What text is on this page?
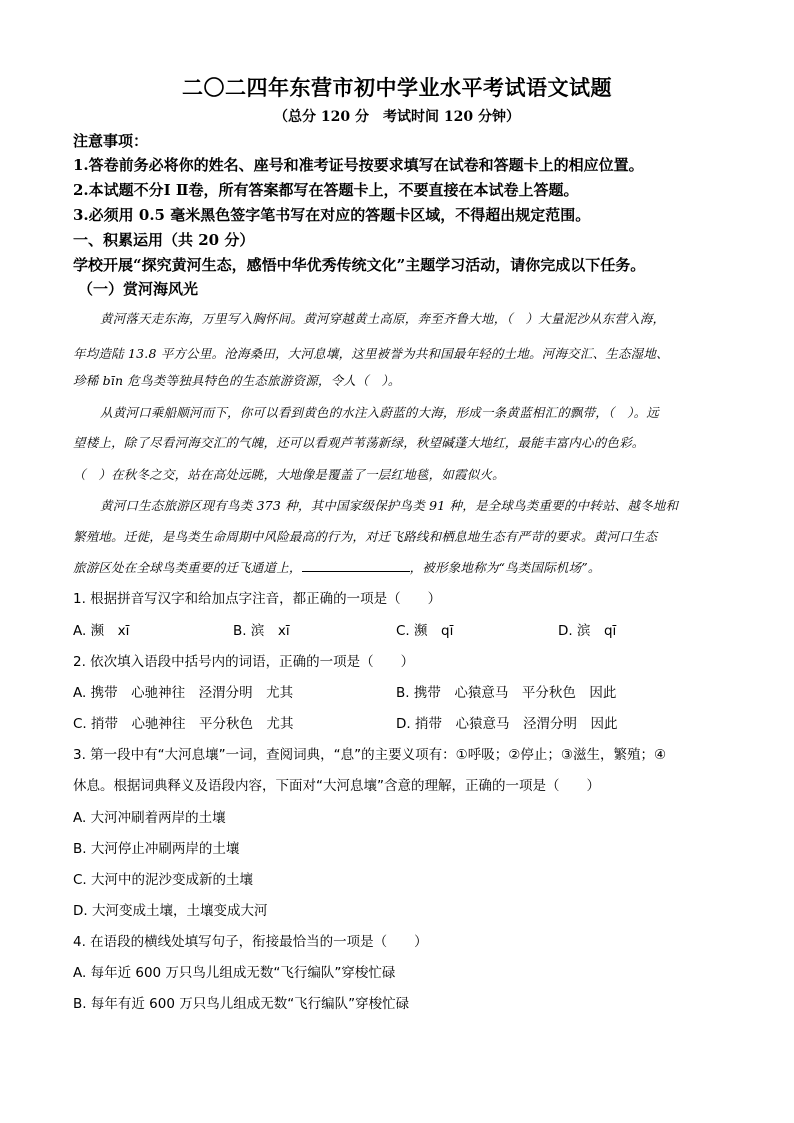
二〇二四年东营市初中学业水平考试语文试题
（总分 120 分　考试时间 120 分钟）
注意事项：
1.答卷前务必将你的姓名、座号和准考证号按要求填写在试卷和答题卡上的相应位置。
2.本试题不分Ⅰ Ⅱ卷，所有答案都写在答题卡上，不要直接在本试卷上答题。
3.必须用 0.5 毫米黑色签字笔书写在对应的答题卡区域，不得超出规定范围。
一、积累运用（共 20 分）
学校开展“探究黄河生态，感悟中华优秀传统文化”主题学习活动，请你完成以下任务。
（一）赏河海风光
黄河落天走东海，万里写入胸怀间。黄河穿越黄土高原，奔至齐鲁大地，（　）大量泥沙从东营入海，
年均造陆 13.8 平方公里。沧海桑田，大河息壤，这里被誉为共和国最年轻的土地。河海交汇、生态湿地、
珍稀 bīn 危鸟类等独具特色的生态旅游资源，令人（　）。
从黄河口乘船顺河而下，你可以看到黄色的水注入蔚蓝的大海，形成一条黄蓝相汇的飘带，（　）。远
望楼上，除了尽看河海交汇的气魄，还可以看观芦苇荡新绿，秋望碱蓬大地红，最能丰富内心的色彩。
（　）在秋冬之交，站在高处远眺，大地像是覆盖了一层红地毯，如霞似火。
黄河口生态旅游区现有鸟类 373 种，其中国家级保护鸟类 91 种，是全球鸟类重要的中转站、越冬地和
繁殖地。迁徙，是鸟类生命周期中风险最高的行为，对迁飞路线和栖息地生态有严苛的要求。黄河口生态
旅游区处在全球鸟类重要的迁飞通道上，	，被形象地称为“鸟类国际机场”。
1. 根据拼音写汉字和给加点字注音，都正确的一项是（　　）
A. 濒　xī	B. 滨　xī	C. 濒　qī	D. 滨　qī
2. 依次填入语段中括号内的词语，正确的一项是（　　）
A. 携带　心驰神往　泾渭分明　尤其	B. 携带　心猿意马　平分秋色　因此
C. 捎带　心驰神往　平分秋色　尤其	D. 捎带　心猿意马　泾渭分明　因此
3. 第一段中有“大河息壤”一词，查阅词典，“息”的主要义项有：①呼吸；②停止；③滋生，繁殖；④
休息。根据词典释义及语段内容，下面对“大河息壤”含意的理解，正确的一项是（　　）
A. 大河冲刷着两岸的土壤
B. 大河停止冲刷两岸的土壤
C. 大河中的泥沙变成新的土壤
D. 大河变成土壤，土壤变成大河
4. 在语段的横线处填写句子，衔接最恰当的一项是（　　）
A. 每年近 600 万只鸟儿组成无数“飞行编队”穿梭忙碌
B. 每年有近 600 万只鸟儿组成无数“飞行编队”穿梭忙碌
